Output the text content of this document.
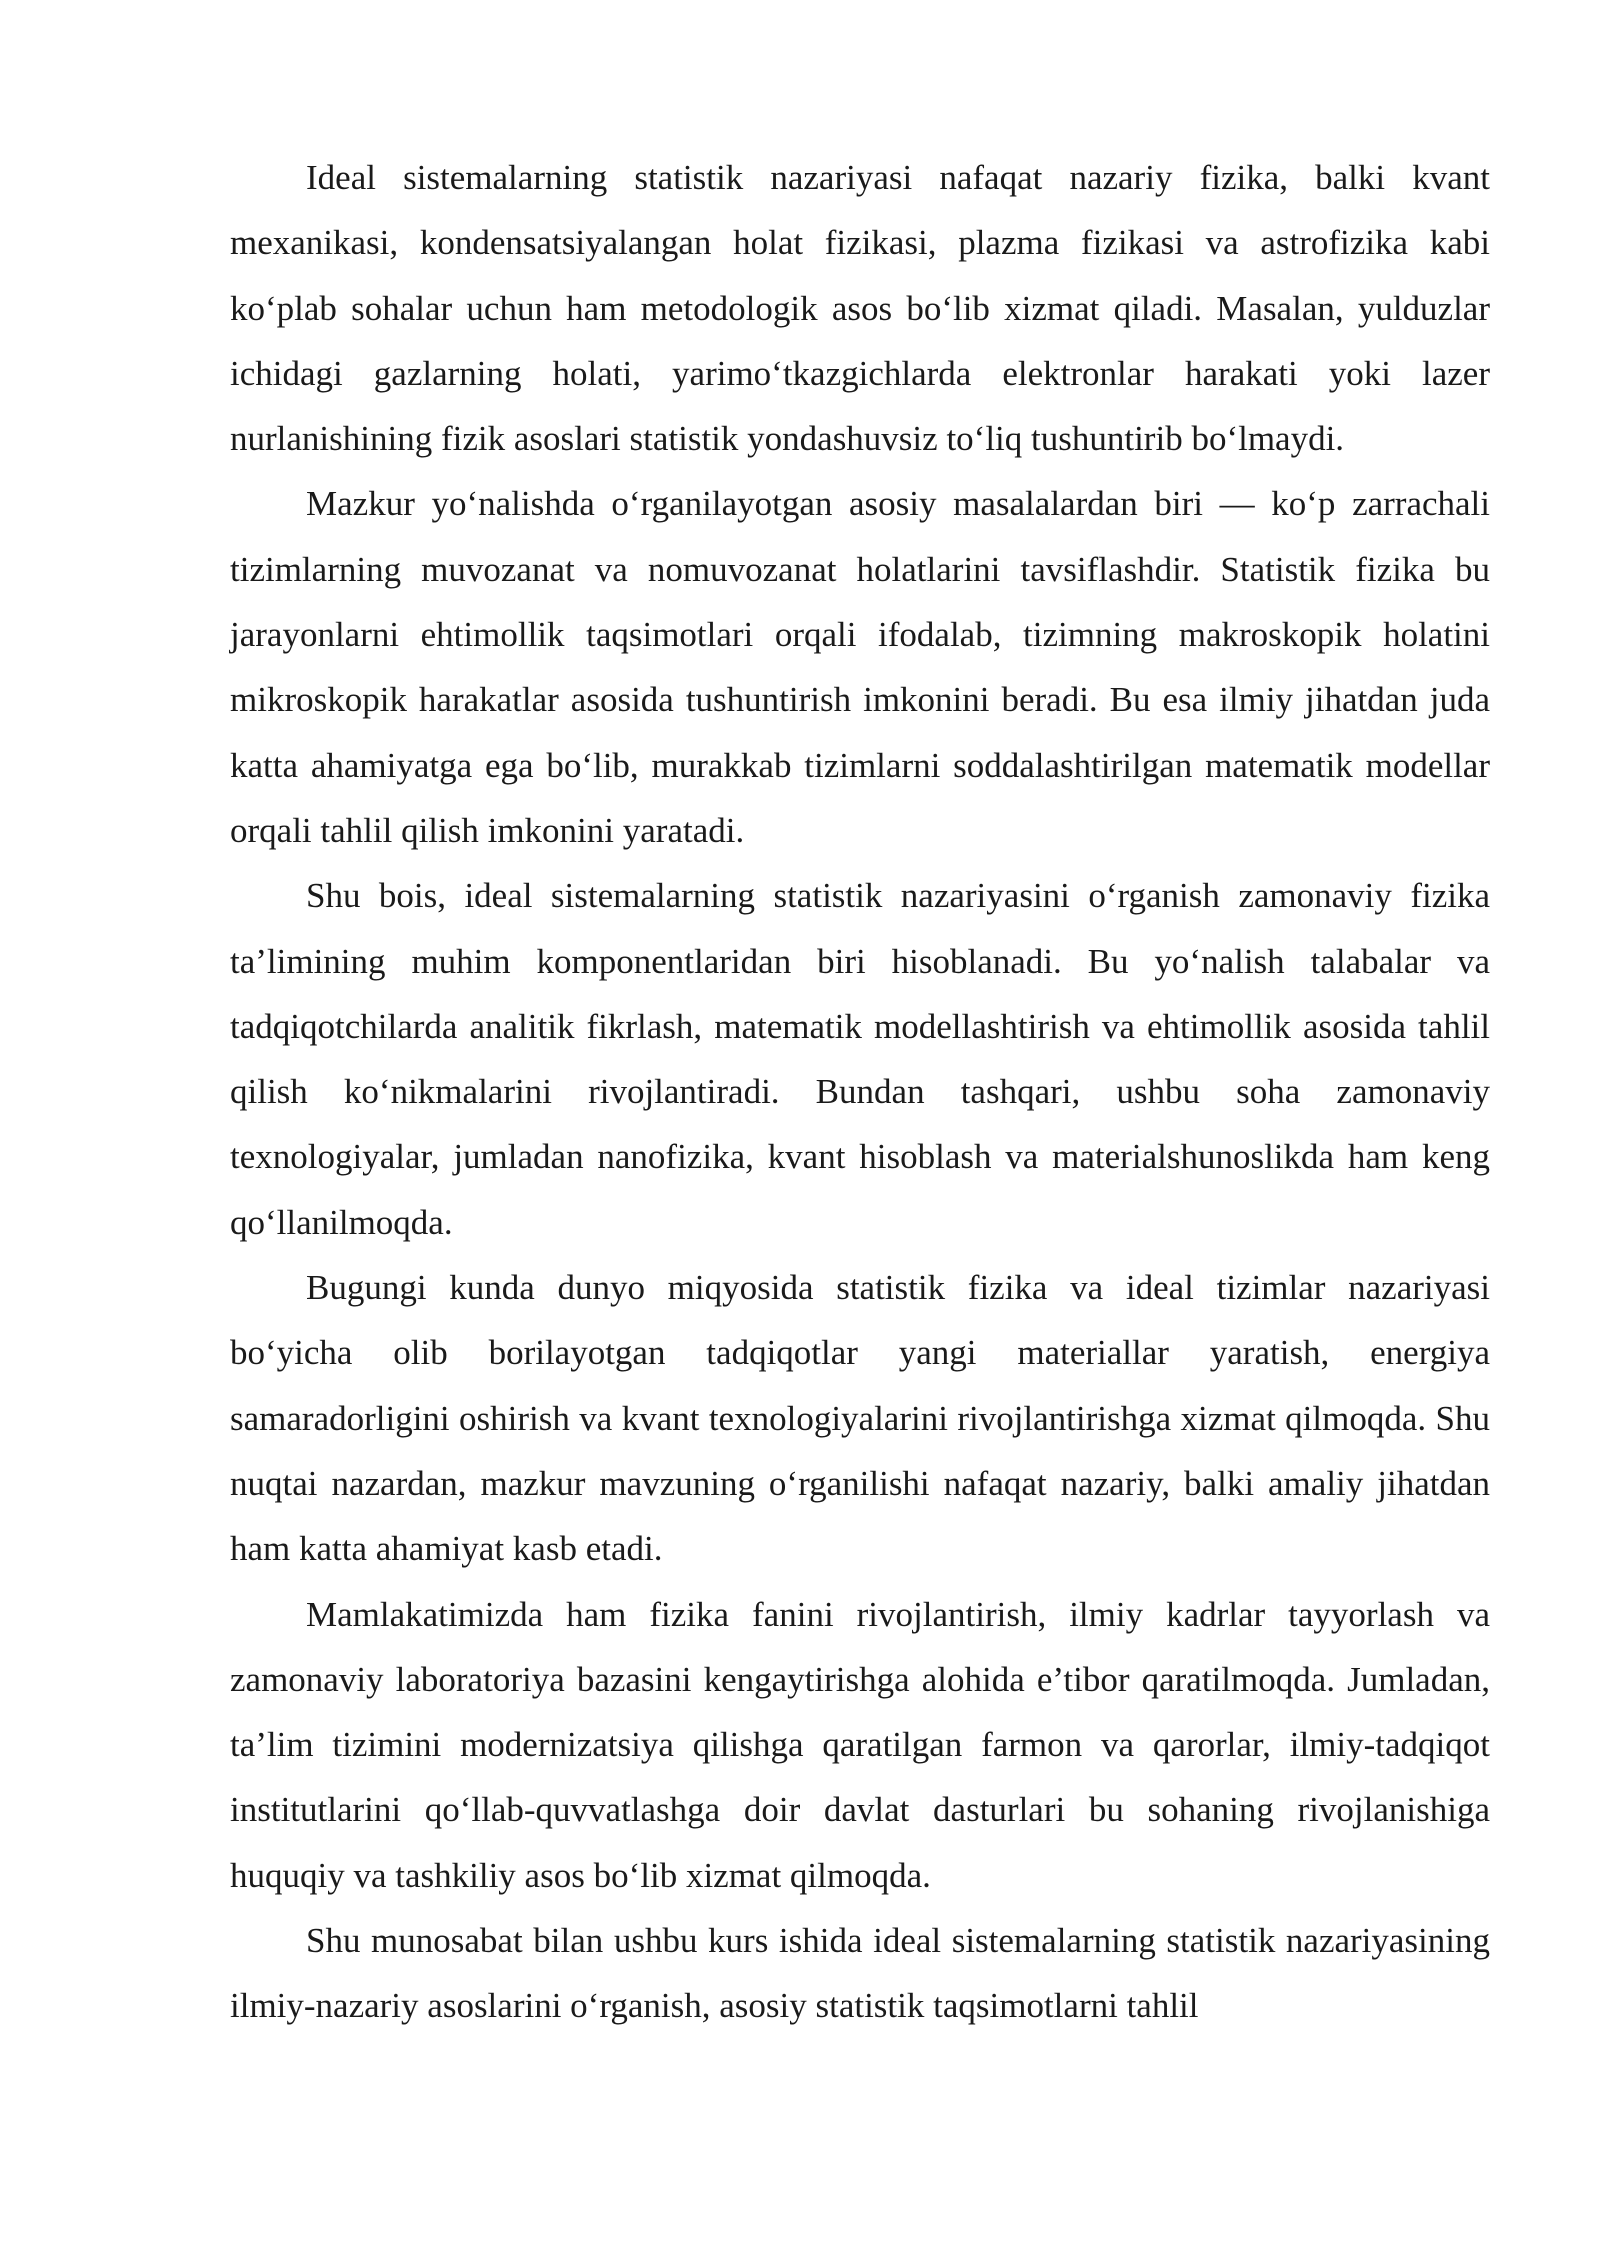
Ideal sistemalarning statistik nazariyasi nafaqat nazariy fizika, balki kvant mexanikasi, kondensatsiyalangan holat fizikasi, plazma fizikasi va astrofizika kabi ko‘plab sohalar uchun ham metodologik asos bo‘lib xizmat qiladi. Masalan, yulduzlar ichidagi gazlarning holati, yarimo‘tkazgichlarda elektronlar harakati yoki lazer nurlanishining fizik asoslari statistik yondashuvsiz to‘liq tushuntirib bo‘lmaydi.

Mazkur yo‘nalishda o‘rganilayotgan asosiy masalalardan biri — ko‘p zarrachali tizimlarning muvozanat va nomuvozanat holatlarini tavsiflashdir. Statistik fizika bu jarayonlarni ehtimollik taqsimotlari orqali ifodalab, tizimning makroskopik holatini mikroskopik harakatlar asosida tushuntirish imkonini beradi. Bu esa ilmiy jihatdan juda katta ahamiyatga ega bo‘lib, murakkab tizimlarni soddalashtirilgan matematik modellar orqali tahlil qilish imkonini yaratadi.

Shu bois, ideal sistemalarning statistik nazariyasini o‘rganish zamonaviy fizika ta’limining muhim komponentlaridan biri hisoblanadi. Bu yo‘nalish talabalar va tadqiqotchilarda analitik fikrlash, matematik modellashtirish va ehtimollik asosida tahlil qilish ko‘nikmalarini rivojlantiradi. Bundan tashqari, ushbu soha zamonaviy texnologiyalar, jumladan nanofizika, kvant hisoblash va materialshunoslikda ham keng qo‘llanilmoqda.

Bugungi kunda dunyo miqyosida statistik fizika va ideal tizimlar nazariyasi bo‘yicha olib borilayotgan tadqiqotlar yangi materiallar yaratish, energiya samaradorligini oshirish va kvant texnologiyalarini rivojlantirishga xizmat qilmoqda. Shu nuqtai nazardan, mazkur mavzuning o‘rganilishi nafaqat nazariy, balki amaliy jihatdan ham katta ahamiyat kasb etadi.

Mamlakatimizda ham fizika fanini rivojlantirish, ilmiy kadrlar tayyorlash va zamonaviy laboratoriya bazasini kengaytirishga alohida e’tibor qaratilmoqda. Jumladan, ta’lim tizimini modernizatsiya qilishga qaratilgan farmon va qarorlar, ilmiy-tadqiqot institutlarini qo‘llab-quvvatlashga doir davlat dasturlari bu sohaning rivojlanishiga huquqiy va tashkiliy asos bo‘lib xizmat qilmoqda.

Shu munosabat bilan ushbu kurs ishida ideal sistemalarning statistik nazariyasining ilmiy-nazariy asoslarini o‘rganish, asosiy statistik taqsimotlarni tahlil
